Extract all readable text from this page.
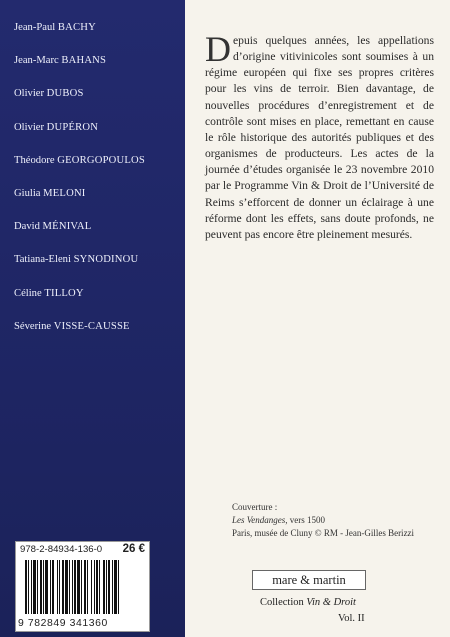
Jean-Paul BACHY
Jean-Marc BAHANS
Olivier DUBOS
Olivier DUPÉRON
Théodore GEORGOPOULOS
Giulia MELONI
David MÉNIVAL
Tatiana-Eleni SYNODINOU
Céline TILLOY
Séverine VISSE-CAUSSE
Depuis quelques années, les appellations d’origine vitivinicoles sont soumises à un régime européen qui fixe ses propres critères pour les vins de terroir. Bien davantage, de nouvelles procédures d’enregistrement et de contrôle sont mises en place, remettant en cause le rôle historique des autorités publiques et des organismes de producteurs. Les actes de la journée d’études organisée le 23 novembre 2010 par le Programme Vin & Droit de l’Université de Reims s’efforcent de donner un éclairage à une réforme dont les effets, sans doute profonds, ne peuvent pas encore être pleinement mesurés.
Couverture :
Les Vendanges, vers 1500
Paris, musée de Cluny © RM - Jean-Gilles Berizzi
978-2-84934-136-0 26 €
9 782849 341360
mare & martin
Collection Vin & Droit
Vol. II
